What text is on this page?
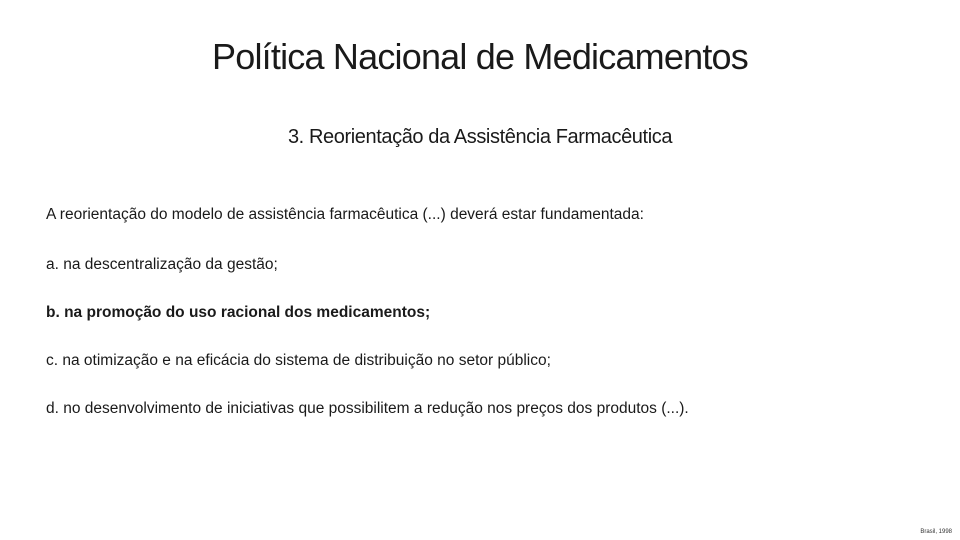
Política Nacional de Medicamentos
3. Reorientação da Assistência Farmacêutica
A reorientação do modelo de assistência farmacêutica (...) deverá estar fundamentada:
a. na descentralização da gestão;
b. na promoção do uso racional dos medicamentos;
c. na otimização e na eficácia do sistema de distribuição no setor público;
d. no desenvolvimento de iniciativas que possibilitem a redução nos preços dos produtos (...).
Brasil, 1998
